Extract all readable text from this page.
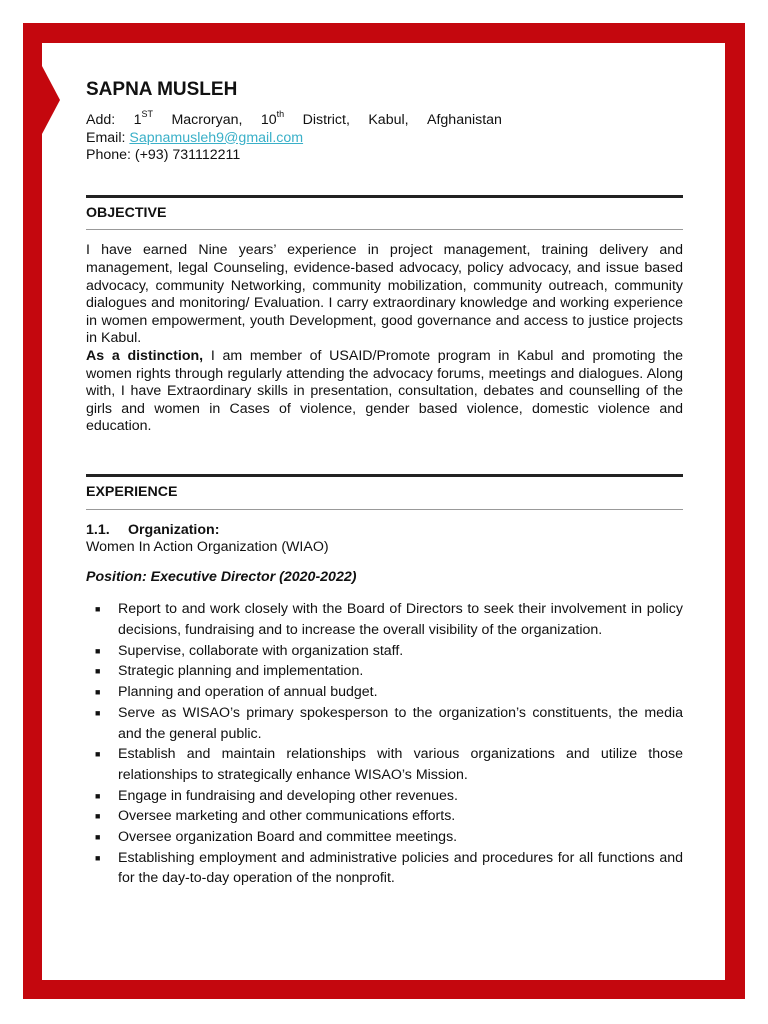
SAPNA MUSLEH
Add: 1ST Macroryan, 10th District, Kabul, Afghanistan

Email: Sapnamusleh9@gmail.com

Phone: (+93) 731112211

OBJECTIVE

I have earned Nine years’ experience in project management, training delivery and management, legal Counseling, evidence-based advocacy, policy advocacy, and issue based advocacy, community Networking, community mobilization, community outreach, community dialogues and monitoring/ Evaluation. I carry extraordinary knowledge and working experience in women empowerment, youth Development, good governance and access to justice projects in Kabul.

As a distinction, I am member of USAID/Promote program in Kabul and promoting the women rights through regularly attending the advocacy forums, meetings and dialogues. Along with, I have Extraordinary skills in presentation, consultation, debates and counselling of the girls and women in Cases of violence, gender based violence, domestic violence and education.

EXPERIENCE
1.1. Organization:
Women In Action Organization (WIAO)
Position: Executive Director (2020-2022)
■ Report to and work closely with the Board of Directors to seek their involvement in policy decisions, fundraising and to increase the overall visibility of the organization.
■ Supervise, collaborate with organization staff.
■ Strategic planning and implementation.
■ Planning and operation of annual budget.
■ Serve as WISAO’s primary spokesperson to the organization’s constituents, the media and the general public.
■ Establish and maintain relationships with various organizations and utilize those relationships to strategically enhance WISAO’s Mission.
■ Engage in fundraising and developing other revenues.
■ Oversee marketing and other communications efforts.
■ Oversee organization Board and committee meetings.
■ Establishing employment and administrative policies and procedures for all functions and for the day-to-day operation of the nonprofit.
